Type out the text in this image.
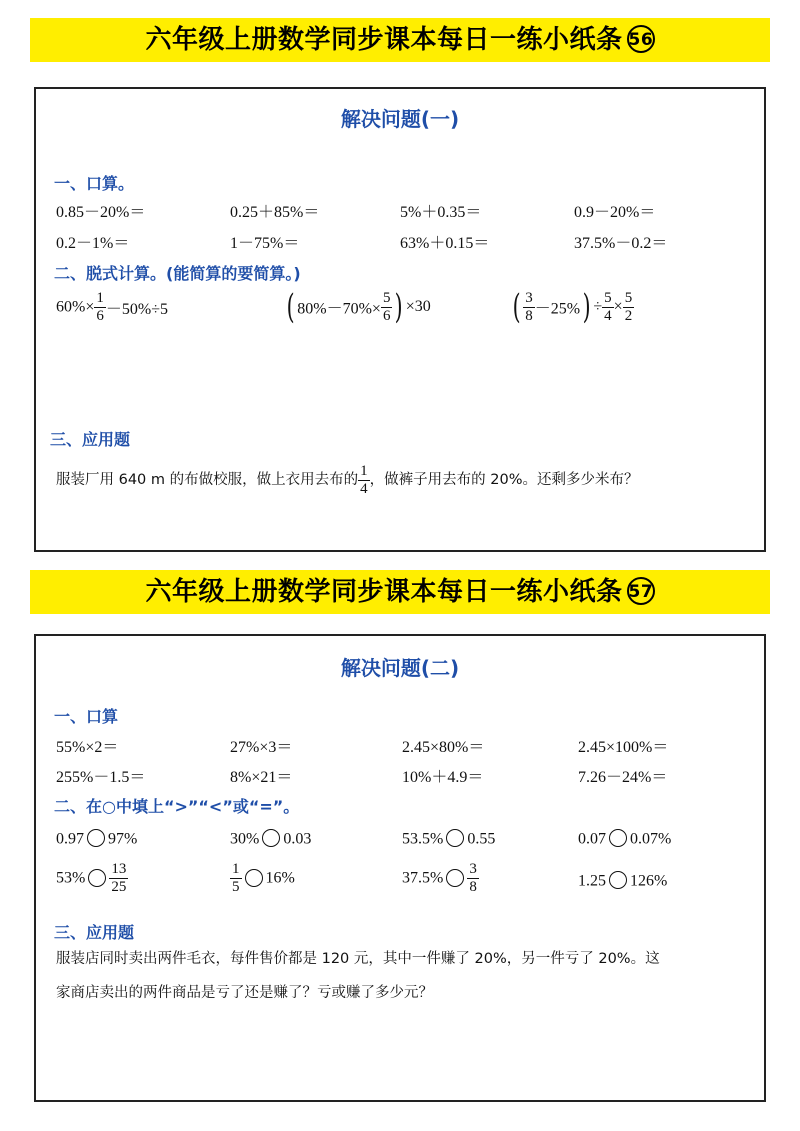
六年级上册数学同步课本每日一练小纸条 56
解决问题(一)
一、口算。
0.85－20%＝	0.25＋85%＝	5%＋0.35＝	0.9－20%＝
0.2－1%＝	1－75%＝	63%＋0.15＝	37.5%－0.2＝
二、脱式计算。(能简算的要简算。)
$60\%\times \frac{1}{6} -50\%\div 5$	( $80\%-70\%\times \frac{5}{6}$ ) ×30 ( $\frac{3}{8} -25\%) \div \frac{5}{4} \times \frac{5}{2}$
三、应用题
服装厂用 640 m 的布做校服，做上衣用去布的 $\frac{1}{4}$ ，做裤子用去布的 20%。还剩多少米布？
六年级上册数学同步课本每日一练小纸条 57
解决问题(二)
一、口算
55%×2＝	27%×3＝	2.45×80%＝	2.45×100%＝
255%－1.5＝	8%×21＝	10%＋4.9＝	7.26－24%＝
二、在○中填上“>”“<”或“=”。
0.97 97%	30% 0.03	53.5% 0.55	0.07 0.07%
$53\% \frac{13}{25}$	$\frac{1}{5} 16\%$	$37.5\% \frac{3}{8}$	1.25 126%
三、应用题
服装店同时卖出两件毛衣，每件售价都是 120 元，其中一件赚了 20%，另一件亏了 20%。这
家商店卖出的两件商品是亏了还是赚了？亏或赚了多少元？
